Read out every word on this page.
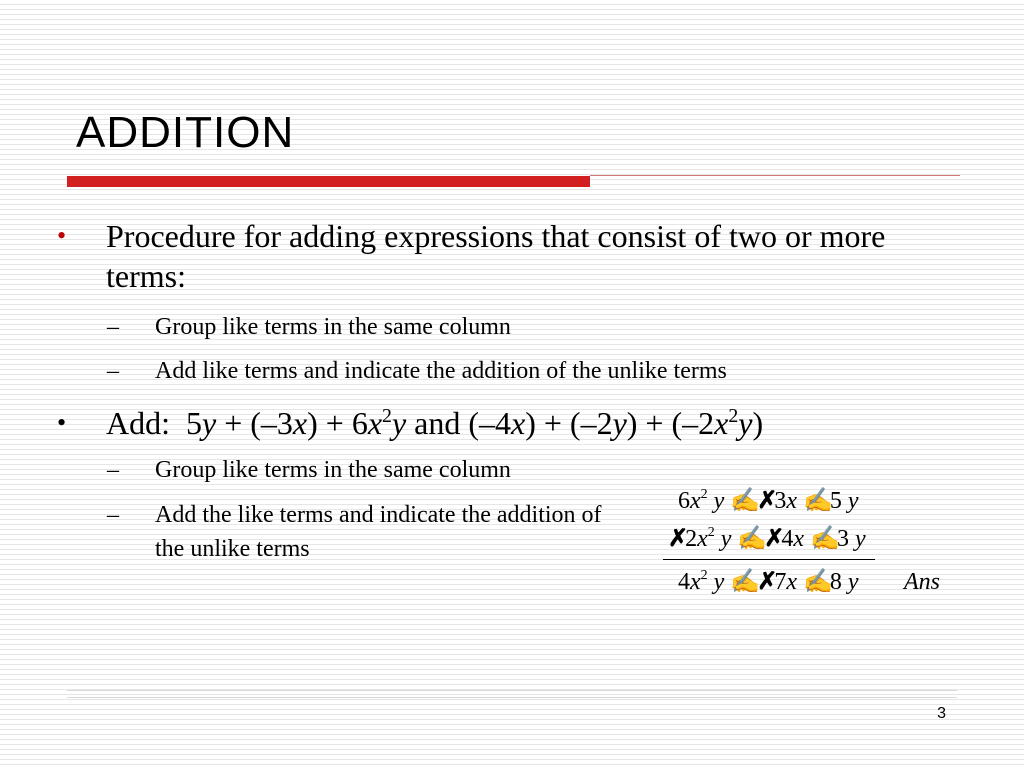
ADDITION
• Procedure for adding expressions that consist of two or more terms:
– Group like terms in the same column
– Add like terms and indicate the addition of the unlike terms
• Add:  $5y + (-3x) + 6x^2y$ and $(-4x) + (-2y) + (-2x^2y)$
– Group like terms in the same column
– Add the like terms and indicate the addition of the unlike terms
$6x^2$ y ✍✗3x ✍5 y
$✗2x^2$ y ✍✗4x ✍3 y
$4x^2$ y ✍✗7x ✍8 y Ans
3
